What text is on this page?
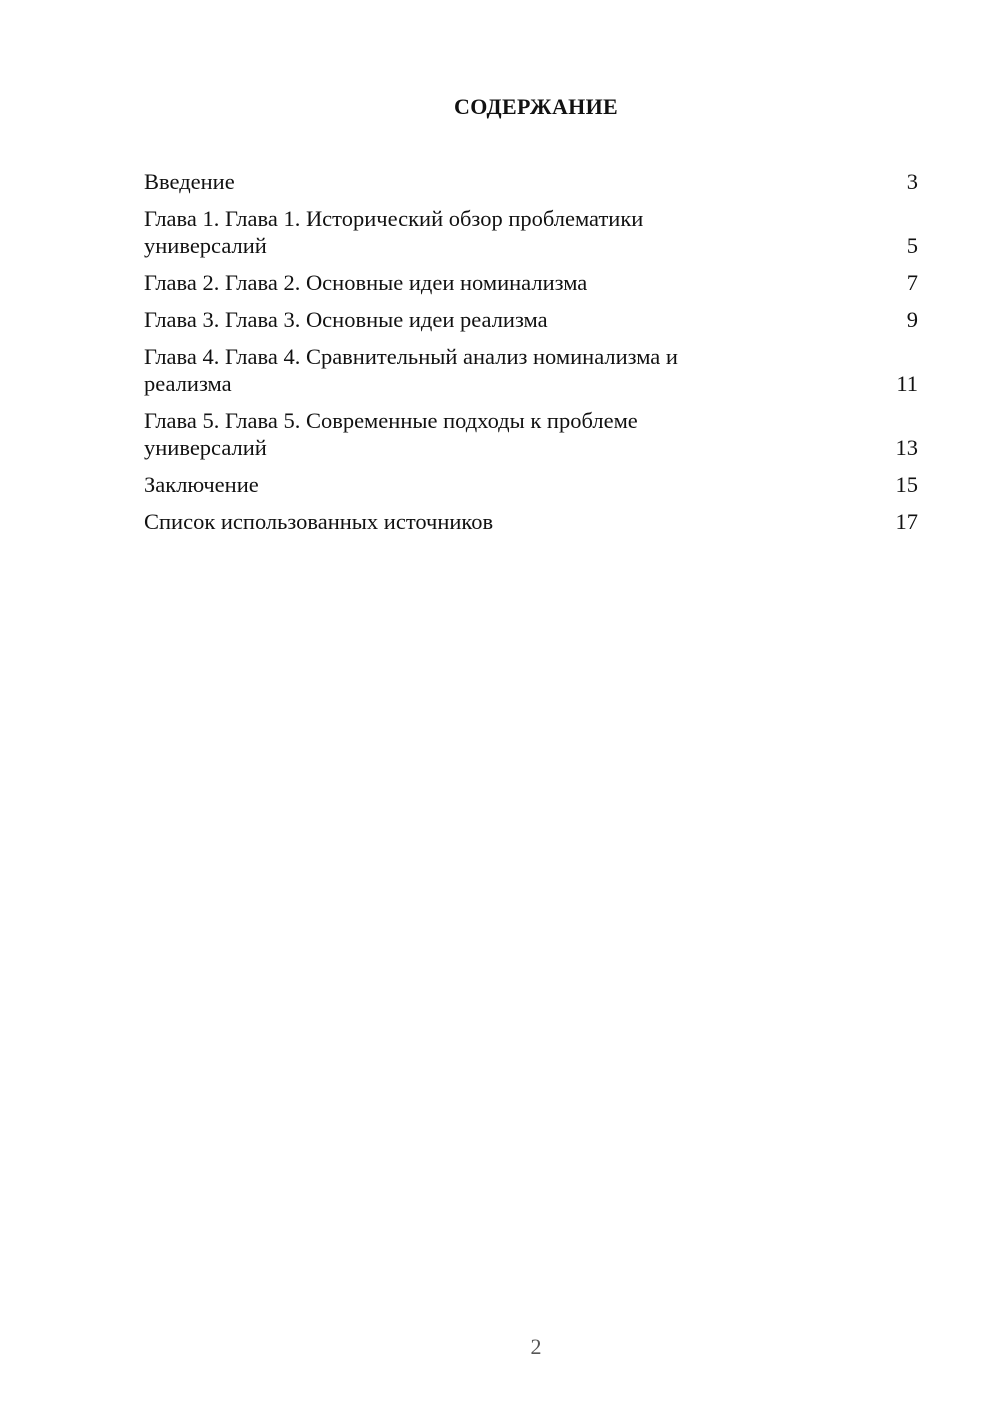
СОДЕРЖАНИЕ
Введение	3
Глава 1. Глава 1. Исторический обзор проблематики универсалий	5
Глава 2. Глава 2. Основные идеи номинализма	7
Глава 3. Глава 3. Основные идеи реализма	9
Глава 4. Глава 4. Сравнительный анализ номинализма и реализма	11
Глава 5. Глава 5. Современные подходы к проблеме универсалий	13
Заключение	15
Список использованных источников	17
2
